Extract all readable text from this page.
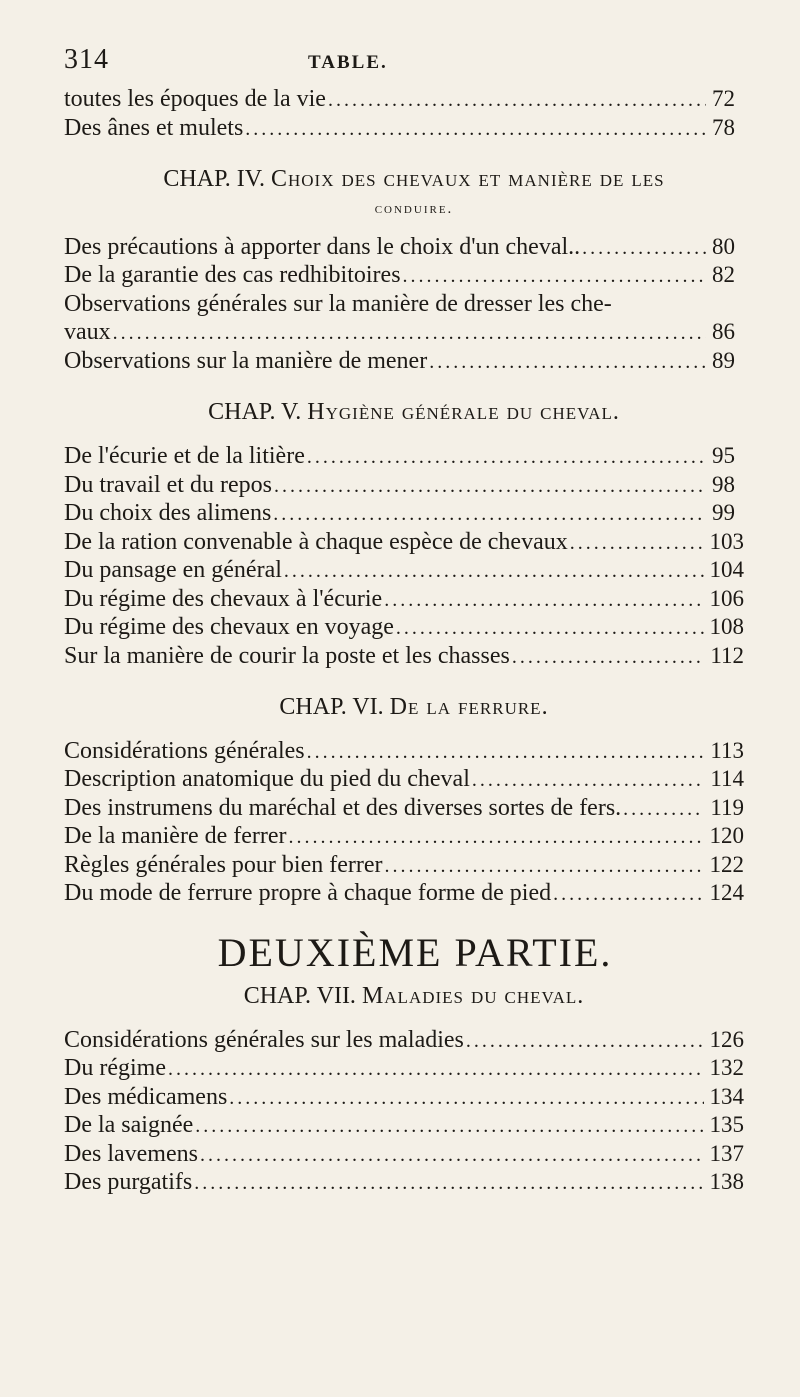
314	TABLE.
toutes les époques de la vie .....	72
Des ânes et mulets .....	78
CHAP. IV. Choix des chevaux et manière de les
conduire.
Des précautions à apporter dans le choix d'un cheval.. .....	80
De la garantie des cas redhibitoires .....	82
Observations générales sur la manière de dresser les che-
vaux .....	86
Observations sur la manière de mener .....	89
CHAP. V. Hygiène générale du cheval.
De l'écurie et de la litière .....	95
Du travail et du repos .....	98
Du choix des alimens .....	99
De la ration convenable à chaque espèce de chevaux .....	103
Du pansage en général .....	104
Du régime des chevaux à l'écurie .....	106
Du régime des chevaux en voyage .....	108
Sur la manière de courir la poste et les chasses .....	112
CHAP. VI. De la ferrure.
Considérations générales .....	113
Description anatomique du pied du cheval .....	114
Des instrumens du maréchal et des diverses sortes de fers. .....	119
De la manière de ferrer .....	120
Règles générales pour bien ferrer .....	122
Du mode de ferrure propre à chaque forme de pied .....	124
DEUXIÈME PARTIE.
CHAP. VII. Maladies du cheval.
Considérations générales sur les maladies .....	126
Du régime .....	132
Des médicamens .....	134
De la saignée .....	135
Des lavemens .....	137
Des purgatifs .....	138
